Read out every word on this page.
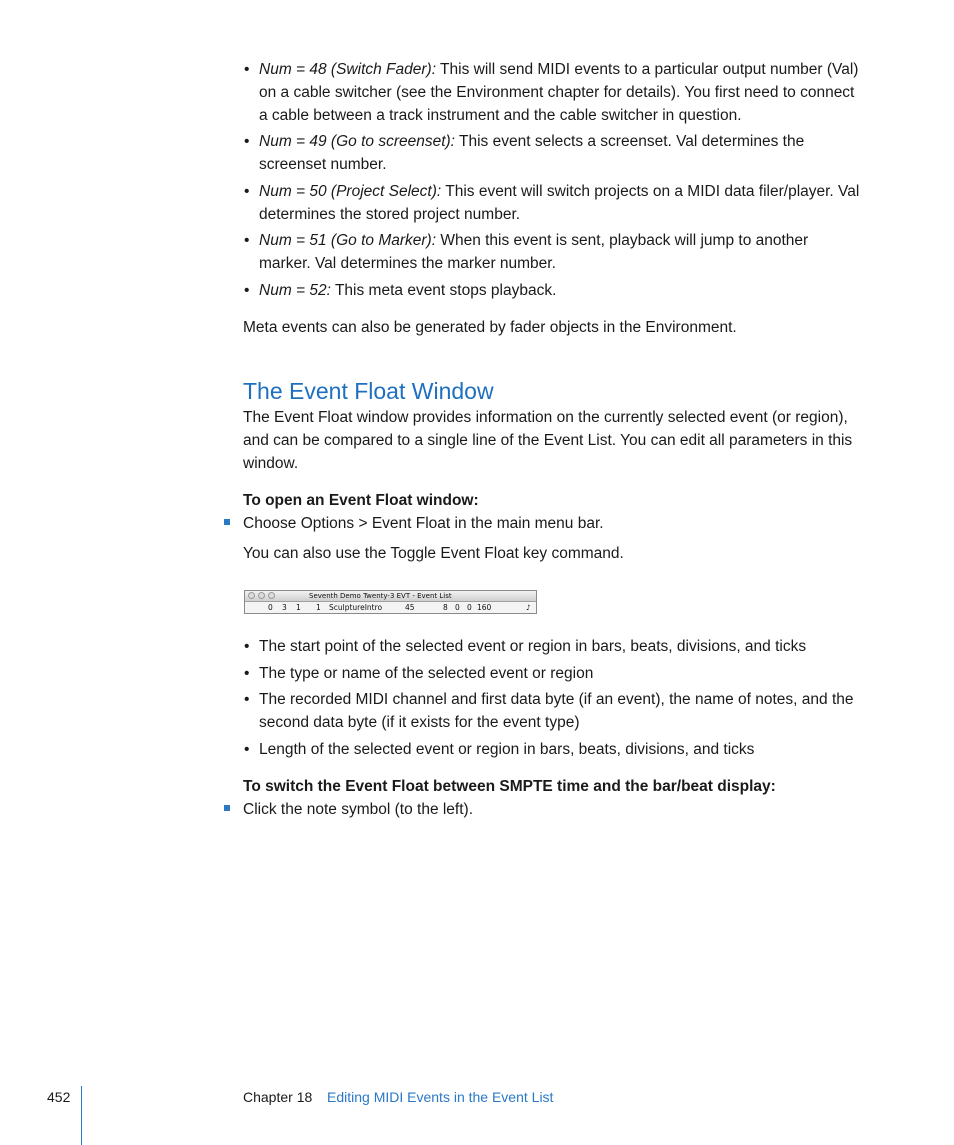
• Num = 48 (Switch Fader): This will send MIDI events to a particular output number (Val) on a cable switcher (see the Environment chapter for details). You first need to connect a cable between a track instrument and the cable switcher in question.
• Num = 49 (Go to screenset): This event selects a screenset. Val determines the screenset number.
• Num = 50 (Project Select): This event will switch projects on a MIDI data filer/player. Val determines the stored project number.
• Num = 51 (Go to Marker): When this event is sent, playback will jump to another marker. Val determines the marker number.
• Num = 52: This meta event stops playback.
Meta events can also be generated by fader objects in the Environment.
The Event Float Window
The Event Float window provides information on the currently selected event (or region), and can be compared to a single line of the Event List. You can edit all parameters in this window.
To open an Event Float window:
Choose Options > Event Float in the main menu bar.
You can also use the Toggle Event Float key command.
Seventh Demo Twenty-3 EVT - Event List
0 3 1 1 SculptureIntro	45	8 0 0 160	♪
• The start point of the selected event or region in bars, beats, divisions, and ticks
• The type or name of the selected event or region
• The recorded MIDI channel and first data byte (if an event), the name of notes, and the second data byte (if it exists for the event type)
• Length of the selected event or region in bars, beats, divisions, and ticks
To switch the Event Float between SMPTE time and the bar/beat display:
Click the note symbol (to the left).
452	Chapter 18 Editing MIDI Events in the Event List
